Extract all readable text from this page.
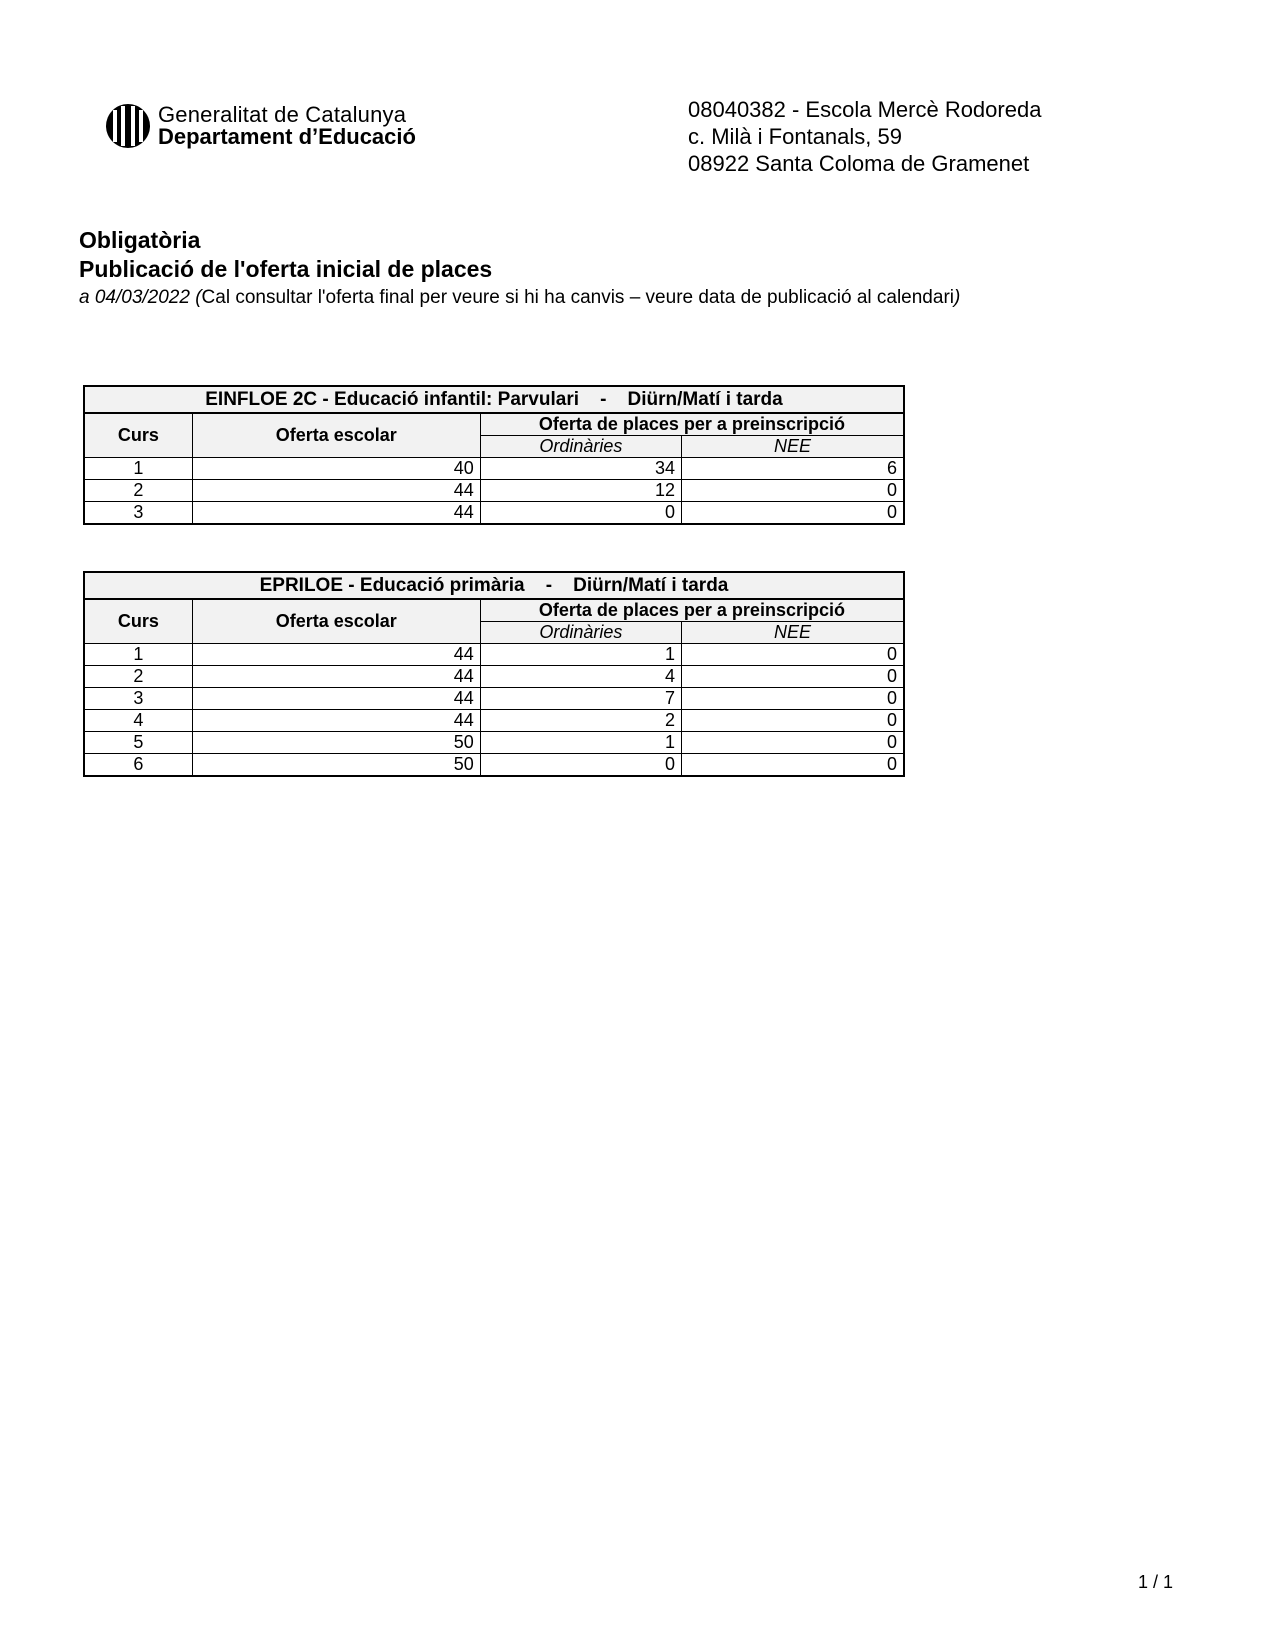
Generalitat de Catalunya
Departament d’Educació
08040382 - Escola Mercè Rodoreda
c. Milà i Fontanals, 59
08922 Santa Coloma de Gramenet
Obligatòria
Publicació de l'oferta inicial de places
a 04/03/2022 (Cal consultar l'oferta final per veure si hi ha canvis – veure data de publicació al calendari)
EINFLOE 2C - Educació infantil: Parvulari    -    Diürn/Matí i tarda			
Curs	Oferta escolar	Oferta de places per a preinscripció	
		Ordinàries	NEE
1	40	34	6
2	44	12	0
3	44	0	0
EPRILOE - Educació primària    -    Diürn/Matí i tarda			
Curs	Oferta escolar	Oferta de places per a preinscripció	
		Ordinàries	NEE
1	44	1	0
2	44	4	0
3	44	7	0
4	44	2	0
5	50	1	0
6	50	0	0
1 / 1
